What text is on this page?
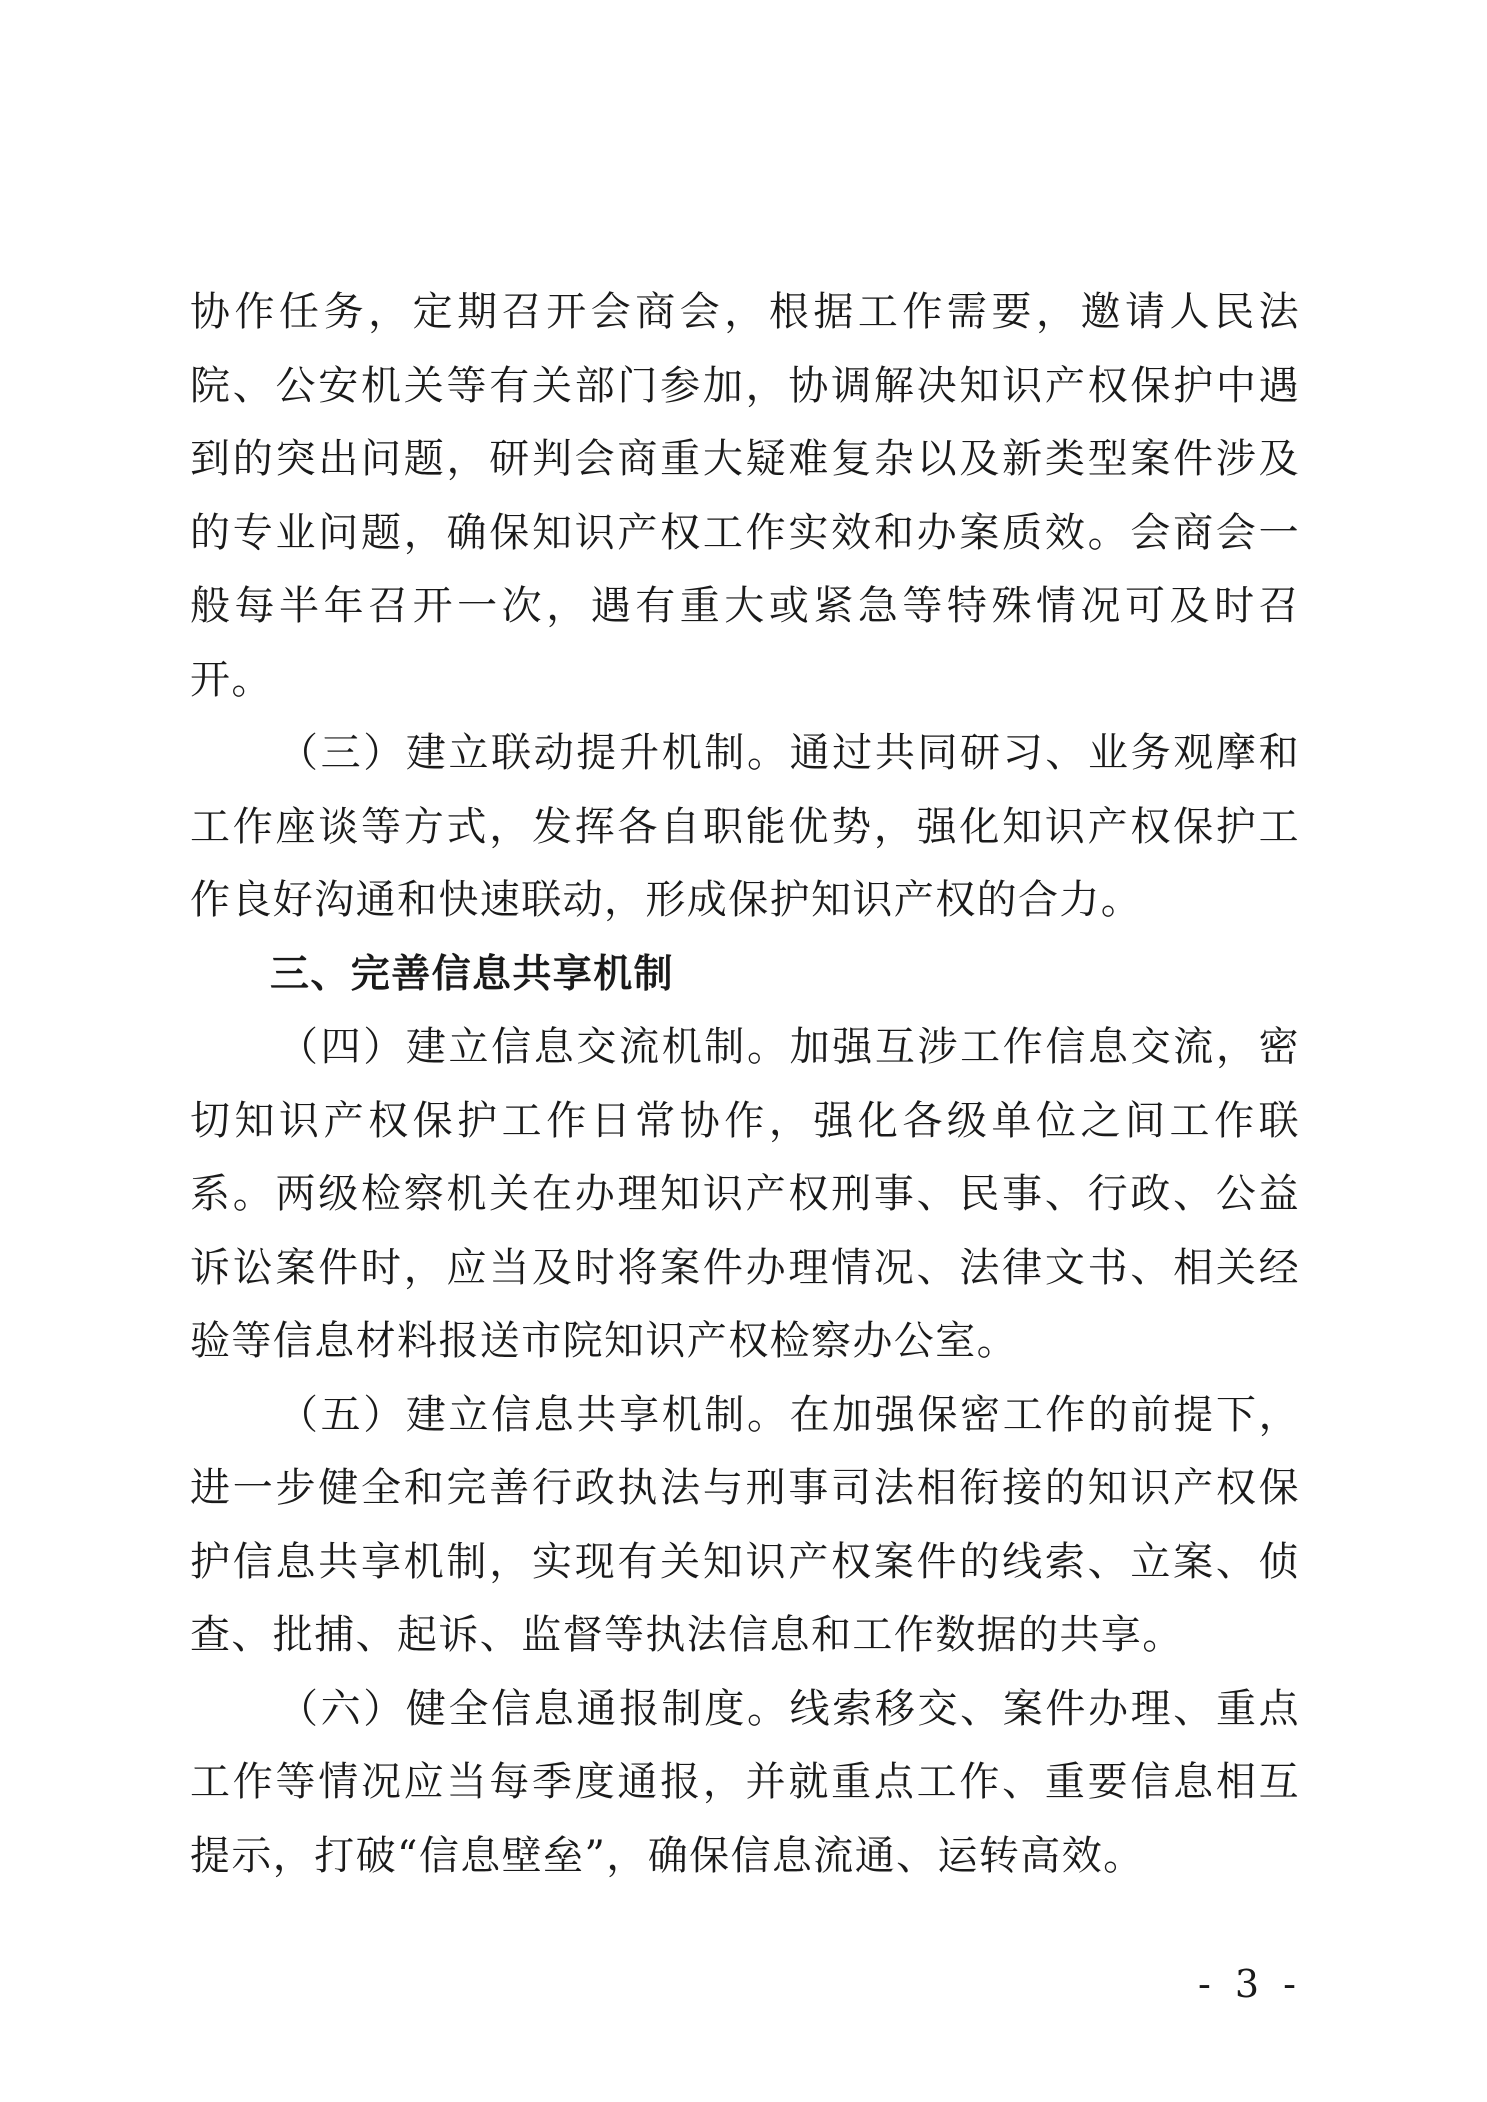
协作任务，定期召开会商会，根据工作需要，邀请人民法院、公安机关等有关部门参加，协调解决知识产权保护中遇到的突出问题，研判会商重大疑难复杂以及新类型案件涉及的专业问题，确保知识产权工作实效和办案质效。会商会一般每半年召开一次，遇有重大或紧急等特殊情况可及时召开。

（三）建立联动提升机制。通过共同研习、业务观摩和工作座谈等方式，发挥各自职能优势，强化知识产权保护工作良好沟通和快速联动，形成保护知识产权的合力。

三、完善信息共享机制

（四）建立信息交流机制。加强互涉工作信息交流，密切知识产权保护工作日常协作，强化各级单位之间工作联系。两级检察机关在办理知识产权刑事、民事、行政、公益诉讼案件时，应当及时将案件办理情况、法律文书、相关经验等信息材料报送市院知识产权检察办公室。

（五）建立信息共享机制。在加强保密工作的前提下，进一步健全和完善行政执法与刑事司法相衔接的知识产权保护信息共享机制，实现有关知识产权案件的线索、立案、侦查、批捕、起诉、监督等执法信息和工作数据的共享。

（六）健全信息通报制度。线索移交、案件办理、重点工作等情况应当每季度通报，并就重点工作、重要信息相互提示，打破“信息壁垒”，确保信息流通、运转高效。

- 3 -
